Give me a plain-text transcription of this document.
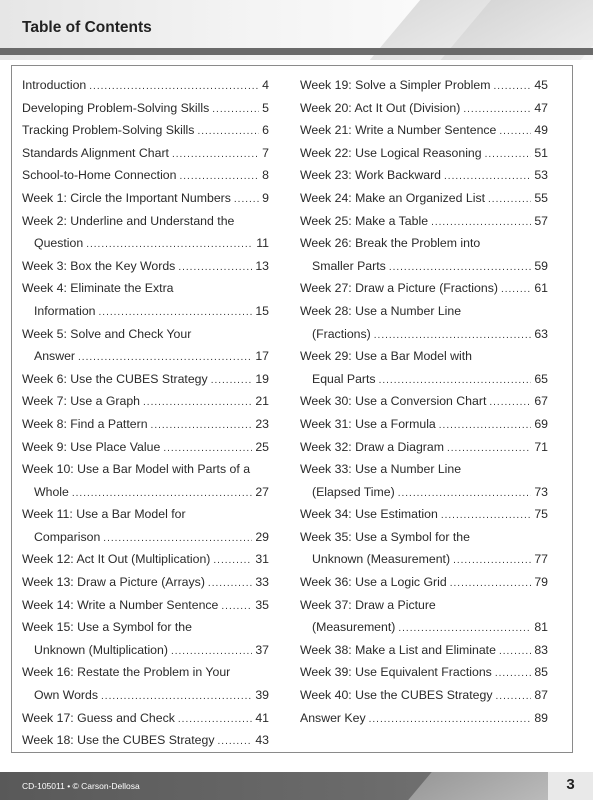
Table of Contents
Introduction .....	4
Developing Problem-Solving Skills .....	5
Tracking Problem-Solving Skills .....	6
Standards Alignment Chart .....	7
School-to-Home Connection .....	8
Week 1: Circle the Important Numbers .....	9
Week 2: Underline and Understand the
Question .....	11
Week 3: Box the Key Words .....	13
Week 4: Eliminate the Extra
Information .....	15
Week 5: Solve and Check Your
Answer .....	17
Week 6: Use the CUBES Strategy .....	19
Week 7: Use a Graph .....	21
Week 8: Find a Pattern .....	23
Week 9: Use Place Value .....	25
Week 10: Use a Bar Model with Parts of a
Whole .....	27
Week 11: Use a Bar Model for
Comparison .....	29
Week 12: Act It Out (Multiplication) .....	31
Week 13: Draw a Picture (Arrays) .....	33
Week 14: Write a Number Sentence .....	35
Week 15: Use a Symbol for the
Unknown (Multiplication) .....	37
Week 16: Restate the Problem in Your
Own Words .....	39
Week 17: Guess and Check .....	41
Week 18: Use the CUBES Strategy .....	43
Week 19: Solve a Simpler Problem .....	45
Week 20: Act It Out (Division) .....	47
Week 21: Write a Number Sentence .....	49
Week 22: Use Logical Reasoning .....	51
Week 23: Work Backward .....	53
Week 24: Make an Organized List .....	55
Week 25: Make a Table .....	57
Week 26: Break the Problem into
Smaller Parts .....	59
Week 27: Draw a Picture (Fractions) .....	61
Week 28: Use a Number Line
(Fractions) .....	63
Week 29: Use a Bar Model with
Equal Parts .....	65
Week 30: Use a Conversion Chart .....	67
Week 31: Use a Formula .....	69
Week 32: Draw a Diagram .....	71
Week 33: Use a Number Line
(Elapsed Time) .....	73
Week 34: Use Estimation .....	75
Week 35: Use a Symbol for the
Unknown (Measurement) .....	77
Week 36: Use a Logic Grid .....	79
Week 37: Draw a Picture
(Measurement) .....	81
Week 38: Make a List and Eliminate .....	83
Week 39: Use Equivalent Fractions .....	85
Week 40: Use the CUBES Strategy .....	87
Answer Key .....	89
CD-105011 • © Carson-Dellosa	3
